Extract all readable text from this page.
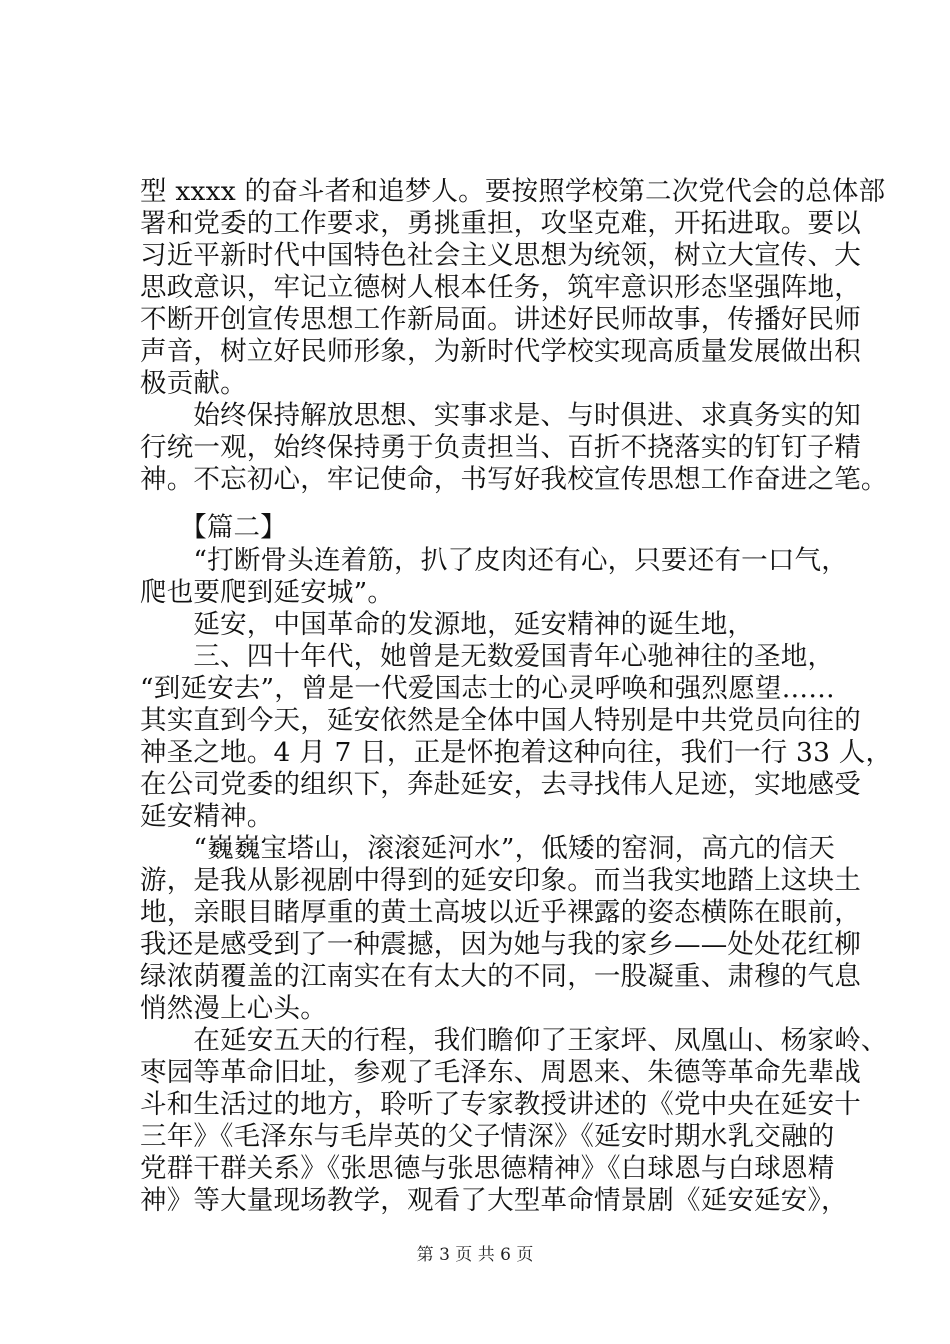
型 xxxx 的奋斗者和追梦人。要按照学校第二次党代会的总体部
署和党委的工作要求，勇挑重担，攻坚克难，开拓进取。要以
习近平新时代中国特色社会主义思想为统领，树立大宣传、大
思政意识，牢记立德树人根本任务，筑牢意识形态坚强阵地，
不断开创宣传思想工作新局面。讲述好民师故事，传播好民师
声音，树立好民师形象，为新时代学校实现高质量发展做出积
极贡献。
　　始终保持解放思想、实事求是、与时俱进、求真务实的知
行统一观，始终保持勇于负责担当、百折不挠落实的钉钉子精
神。不忘初心，牢记使命，书写好我校宣传思想工作奋进之笔。
　　【篇二】
　　“打断骨头连着筋，扒了皮肉还有心，只要还有一口气，
爬也要爬到延安城”。
　　延安，中国革命的发源地，延安精神的诞生地，
　　三、四十年代，她曾是无数爱国青年心驰神往的圣地，
“到延安去”，曾是一代爱国志士的心灵呼唤和强烈愿望……
其实直到今天，延安依然是全体中国人特别是中共党员向往的
神圣之地。4 月 7 日，正是怀抱着这种向往，我们一行 33 人，
在公司党委的组织下，奔赴延安，去寻找伟人足迹，实地感受
延安精神。
　　“巍巍宝塔山，滚滚延河水”，低矮的窑洞，高亢的信天
游，是我从影视剧中得到的延安印象。而当我实地踏上这块土
地，亲眼目睹厚重的黄土高坡以近乎裸露的姿态横陈在眼前，
我还是感受到了一种震撼，因为她与我的家乡——处处花红柳
绿浓荫覆盖的江南实在有太大的不同，一股凝重、肃穆的气息
悄然漫上心头。
　　在延安五天的行程，我们瞻仰了王家坪、凤凰山、杨家岭、
枣园等革命旧址，参观了毛泽东、周恩来、朱德等革命先辈战
斗和生活过的地方，聆听了专家教授讲述的《党中央在延安十
三年》《毛泽东与毛岸英的父子情深》《延安时期水乳交融的
党群干群关系》《张思德与张思德精神》《白球恩与白球恩精
神》等大量现场教学，观看了大型革命情景剧《延安延安》，
第 3 页 共 6 页
